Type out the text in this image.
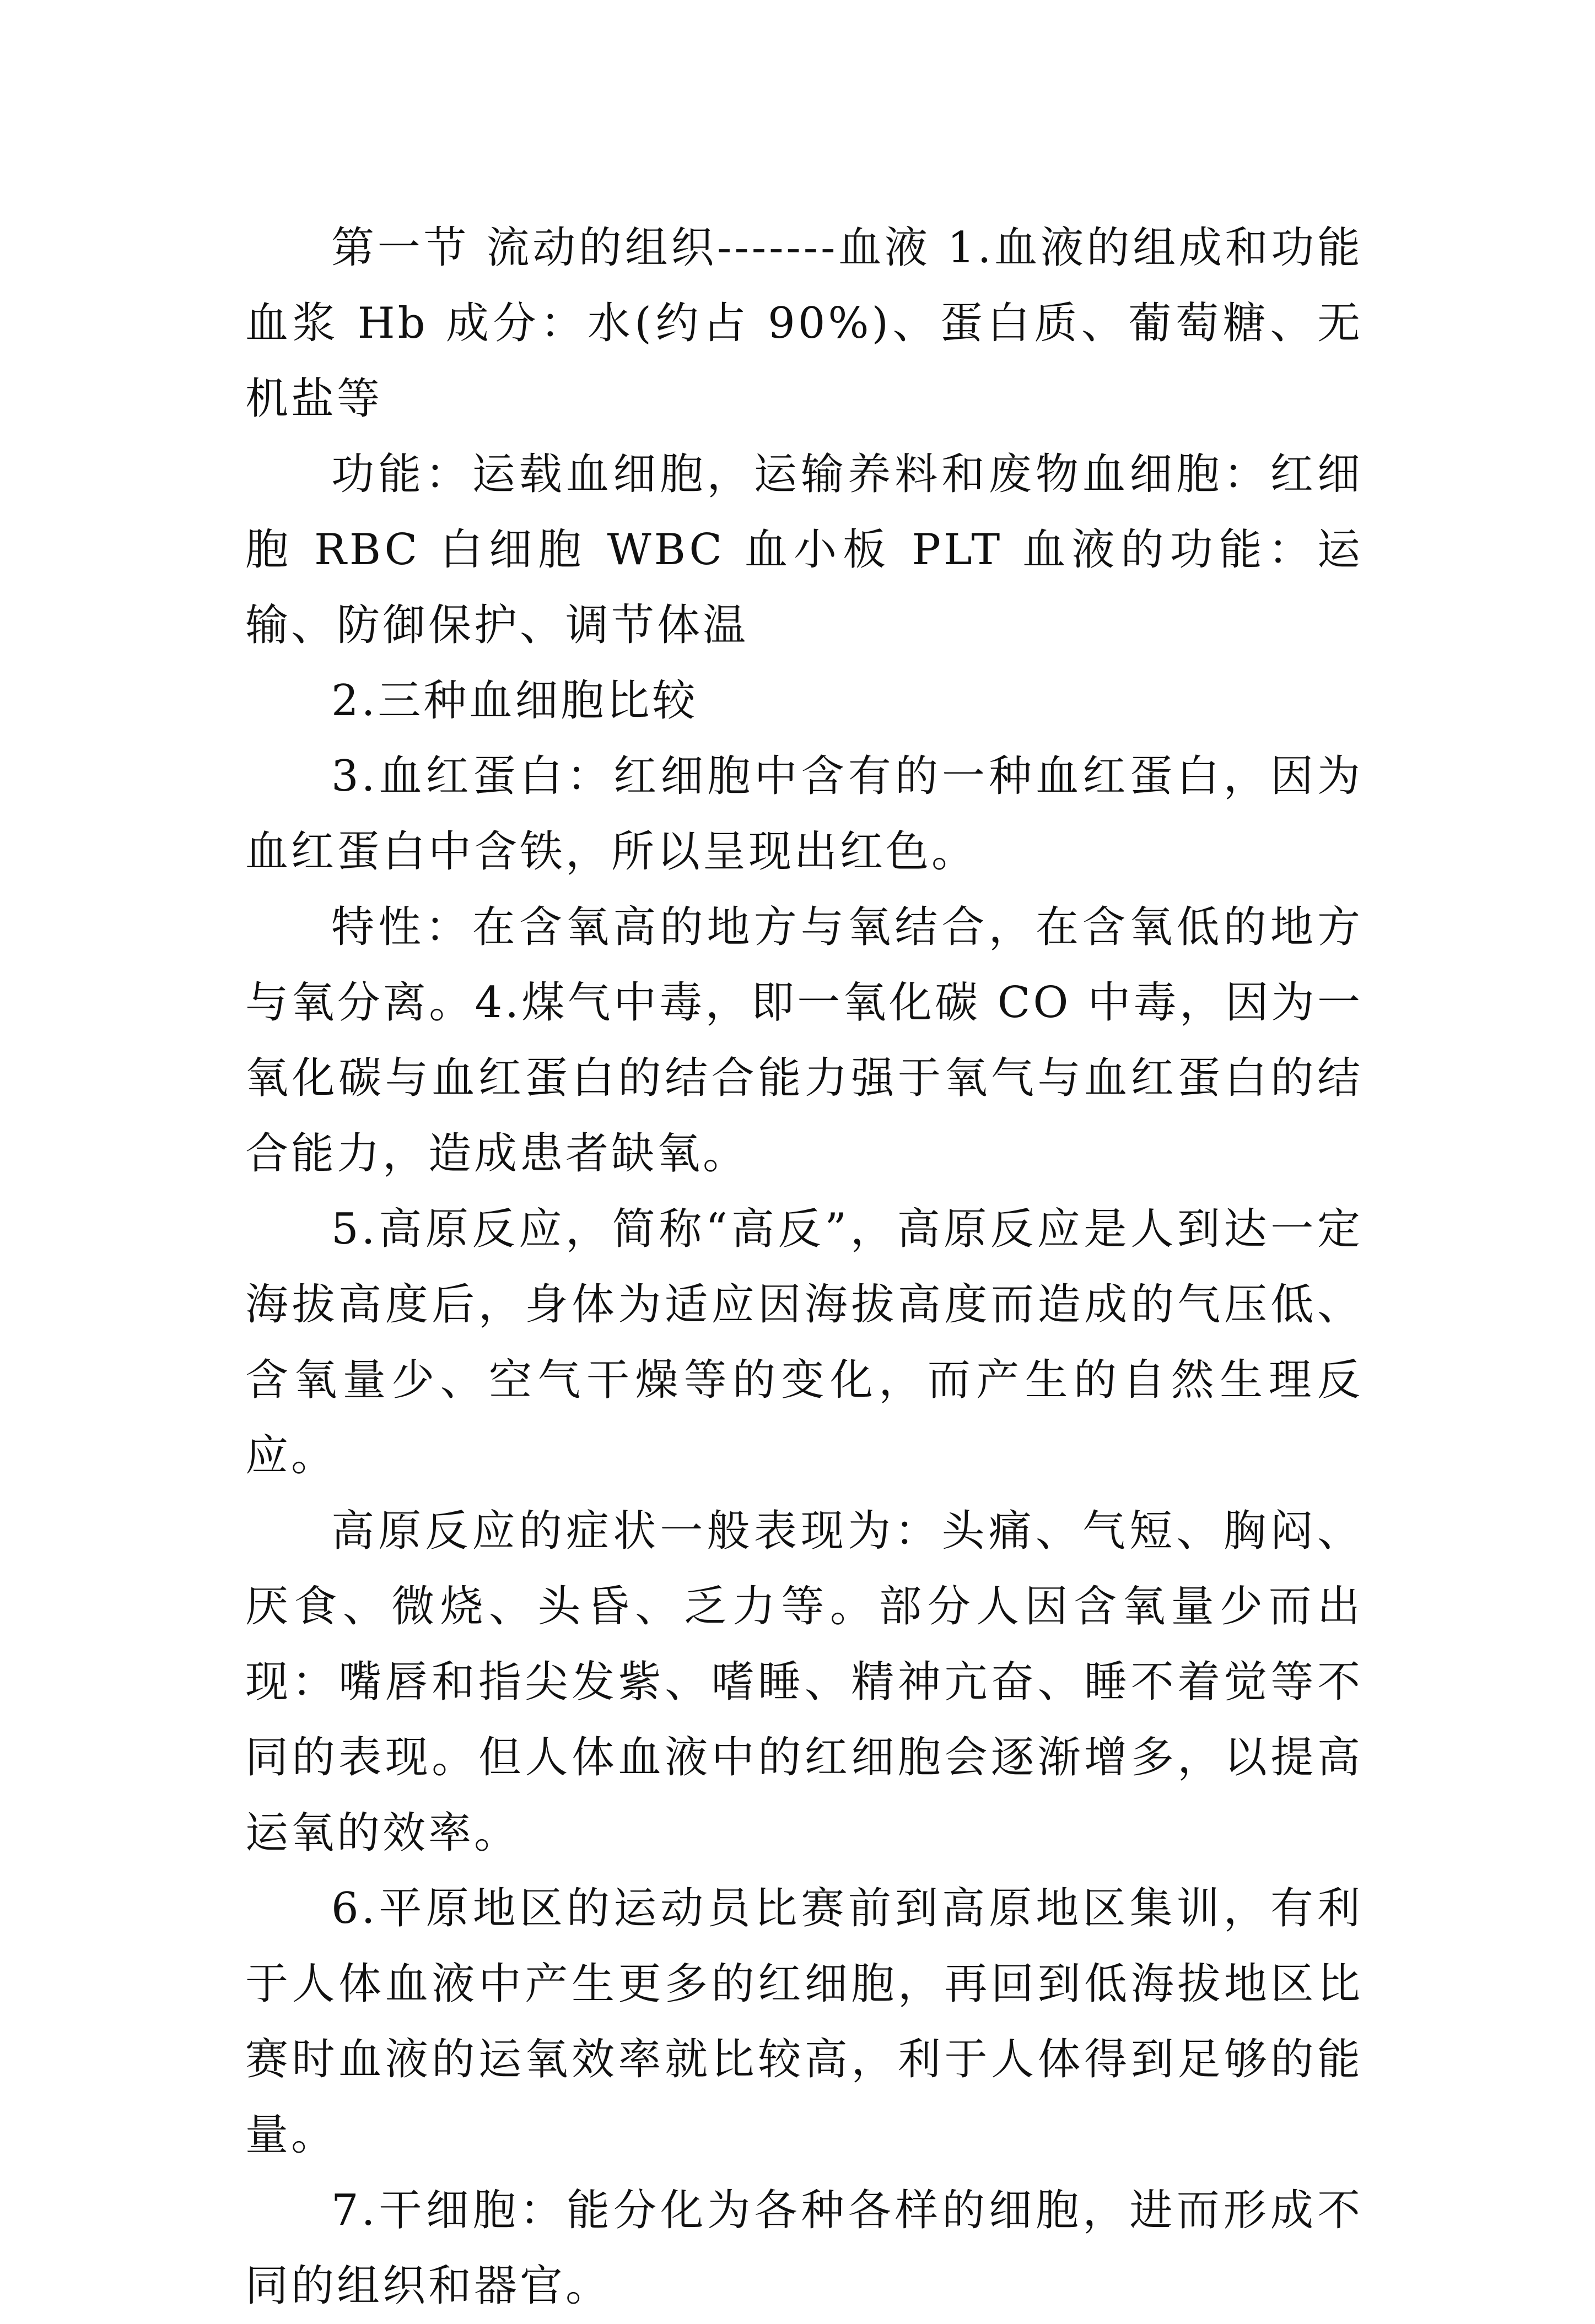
第一节 流动的组织-------血液 1.血液的组成和功能血浆 Hb 成分：水(约占 90%)、蛋白质、葡萄糖、无机盐等

功能：运载血细胞，运输养料和废物血细胞：红细胞 RBC 白细胞 WBC 血小板 PLT 血液的功能：运输、防御保护、调节体温

2.三种血细胞比较

3.血红蛋白：红细胞中含有的一种血红蛋白，因为血红蛋白中含铁，所以呈现出红色。

特性：在含氧高的地方与氧结合，在含氧低的地方与氧分离。4.煤气中毒，即一氧化碳 CO 中毒，因为一氧化碳与血红蛋白的结合能力强于氧气与血红蛋白的结合能力，造成患者缺氧。

5.高原反应，简称“高反”，高原反应是人到达一定海拔高度后，身体为适应因海拔高度而造成的气压低、含氧量少、空气干燥等的变化，而产生的自然生理反应。

高原反应的症状一般表现为：头痛、气短、胸闷、厌食、微烧、头昏、乏力等。部分人因含氧量少而出现：嘴唇和指尖发紫、嗜睡、精神亢奋、睡不着觉等不同的表现。但人体血液中的红细胞会逐渐增多，以提高运氧的效率。

6.平原地区的运动员比赛前到高原地区集训，有利于人体血液中产生更多的红细胞，再回到低海拔地区比赛时血液的运氧效率就比较高，利于人体得到足够的能量。

7.干细胞：能分化为各种各样的细胞，进而形成不同的组织和器官。
